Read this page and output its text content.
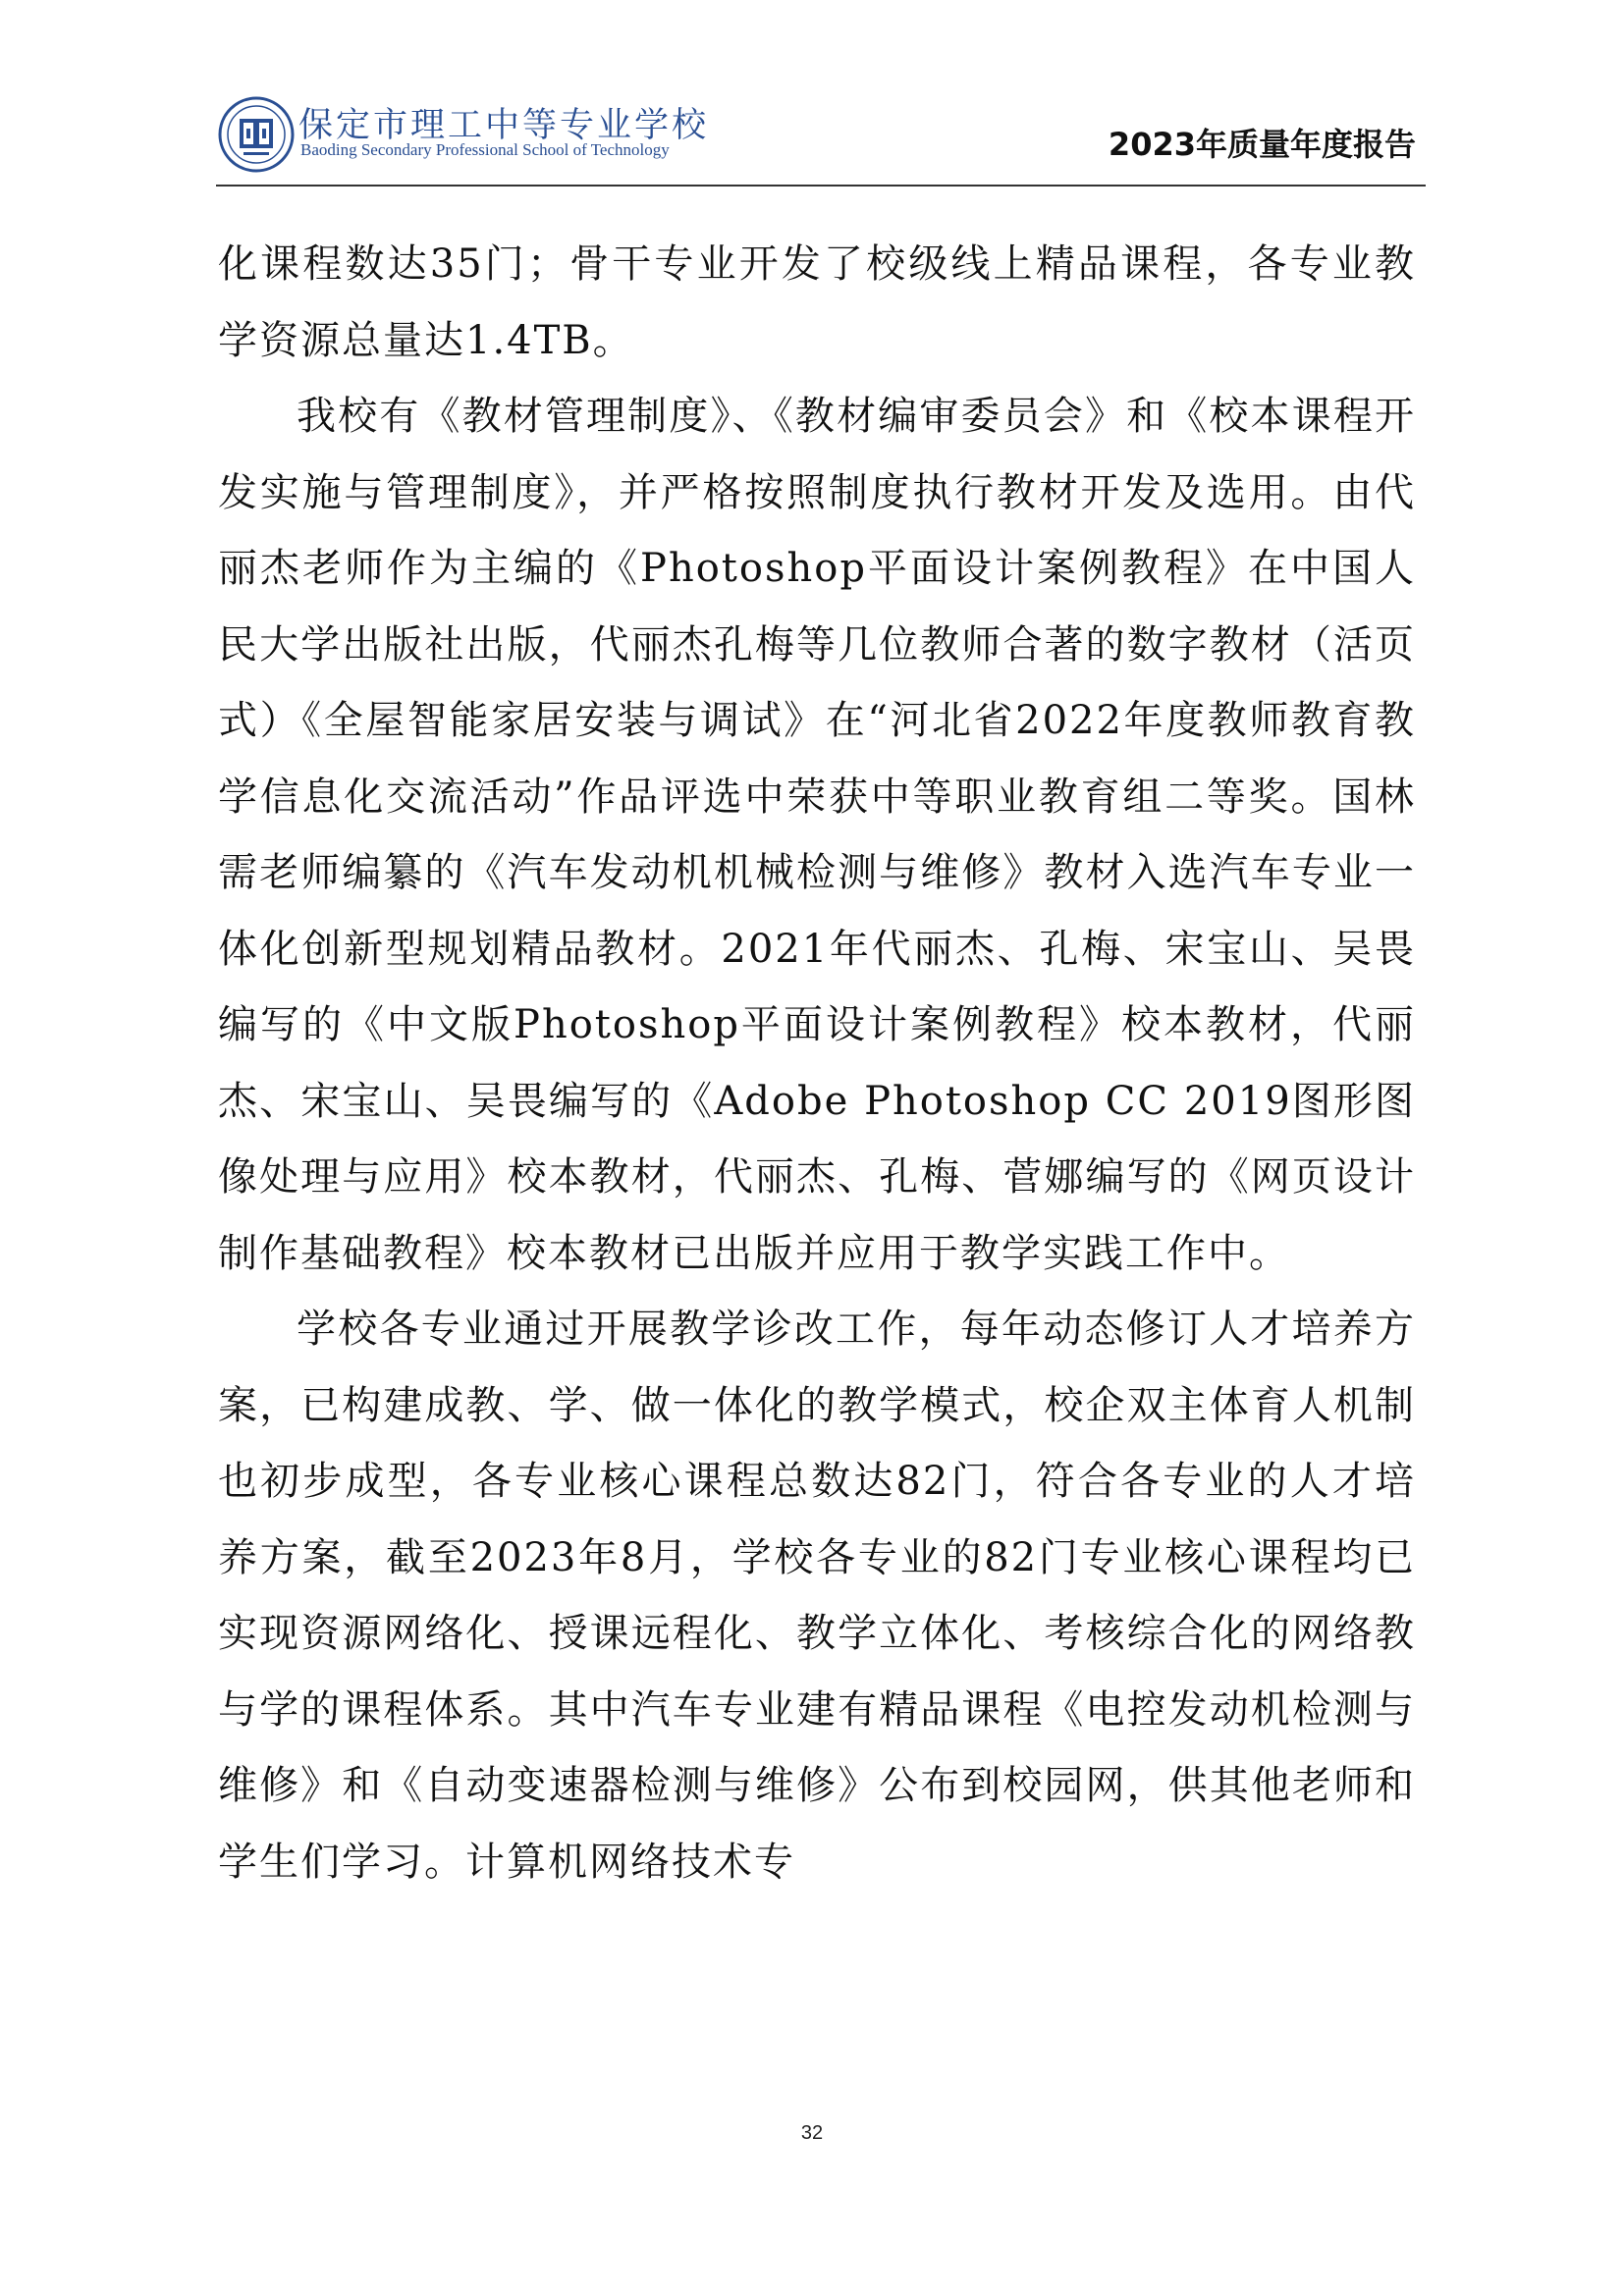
保定市理工中等专业学校
Baoding Secondary Professional School of Technology	2023年质量年度报告

化课程数达35门；骨干专业开发了校级线上精品课程，各专业教学资源总量达1.4TB。

我校有《教材管理制度》、《教材编审委员会》和《校本课程开发实施与管理制度》，并严格按照制度执行教材开发及选用。由代丽杰老师作为主编的《Photoshop平面设计案例教程》在中国人民大学出版社出版，代丽杰孔梅等几位教师合著的数字教材（活页式）《全屋智能家居安装与调试》在“河北省2022年度教师教育教学信息化交流活动”作品评选中荣获中等职业教育组二等奖。国林需老师编纂的《汽车发动机机械检测与维修》教材入选汽车专业一体化创新型规划精品教材。2021年代丽杰、孔梅、宋宝山、吴畏编写的《中文版Photoshop平面设计案例教程》校本教材，代丽杰、宋宝山、吴畏编写的《Adobe Photoshop CC 2019图形图像处理与应用》校本教材，代丽杰、孔梅、菅娜编写的《网页设计制作基础教程》校本教材已出版并应用于教学实践工作中。

学校各专业通过开展教学诊改工作，每年动态修订人才培养方案，已构建成教、学、做一体化的教学模式，校企双主体育人机制也初步成型，各专业核心课程总数达82门，符合各专业的人才培养方案，截至2023年8月，学校各专业的82门专业核心课程均已实现资源网络化、授课远程化、教学立体化、考核综合化的网络教与学的课程体系。其中汽车专业建有精品课程《电控发动机检测与维修》和《自动变速器检测与维修》公布到校园网，供其他老师和学生们学习。计算机网络技术专

32
